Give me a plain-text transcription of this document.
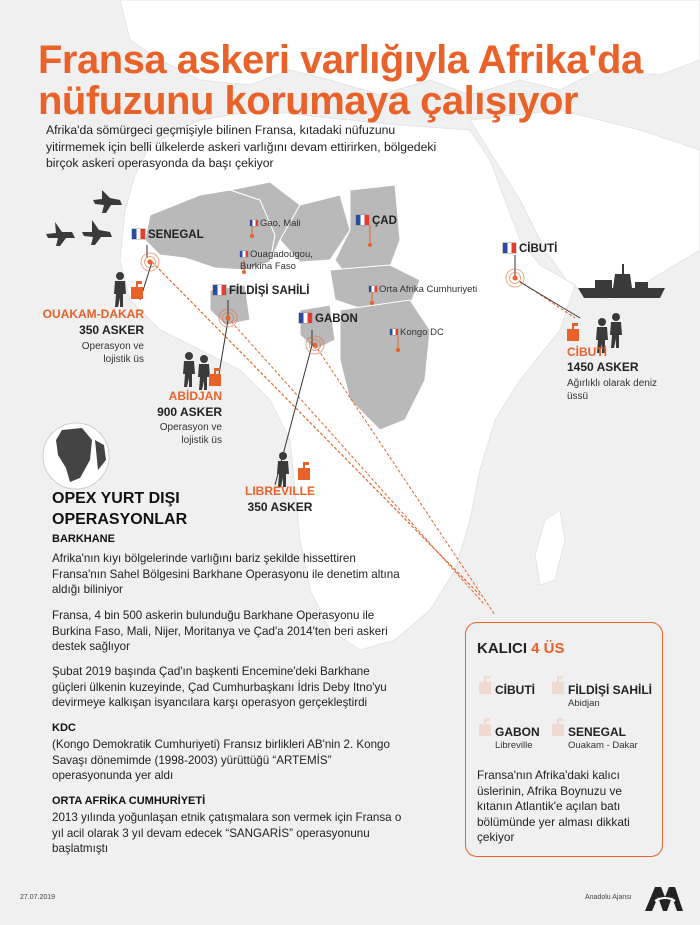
Fransa askeri varlığıyla Afrika'da nüfuzunu korumaya çalışıyor
Afrika'da sömürgeci geçmişiyle bilinen Fransa, kıtadaki nüfuzunu yitirmemek için belli ülkelerde askeri varlığını devam ettirirken, bölgedeki birçok askeri operasyonda da başı çekiyor
SENEGAL
Gao, Mali
Ouagadougou, Burkina Faso
ÇAD
CİBUTİ
FİLDİŞİ SAHİLİ	Orta Afrika Cumhuriyeti
GABON
Kongo DC
OUAKAM-DAKAR
350 ASKER
Operasyon ve lojistik üs
ABİDJAN
900 ASKER
Operasyon ve lojistik üs
LIBREVILLE
350 ASKER
CİBUTİ
1450 ASKER
Ağırlıklı olarak deniz üssü
OPEX YURT DIŞI
OPERASYONLAR
BARKHANE
Afrika'nın kıyı bölgelerinde varlığını bariz şekilde hissettiren Fransa'nın Sahel Bölgesini Barkhane Operasyonu ile denetim altına aldığı biliniyor
Fransa, 4 bin 500 askerin bulunduğu Barkhane Operasyonu ile Burkina Faso, Mali, Nijer, Moritanya ve Çad'a 2014'ten beri askeri destek sağlıyor
Şubat 2019 başında Çad'ın başkenti Encemine'deki Barkhane güçleri ülkenin kuzeyinde, Çad Cumhurbaşkanı İdris Deby Itno'yu devirmeye kalkışan isyancılara karşı operasyon gerçekleştirdi
KDC
(Kongo Demokratik Cumhuriyeti) Fransız birlikleri AB'nin 2. Kongo Savaşı dönemimde (1998-2003) yürüttüğü “ARTEMİS” operasyonunda yer aldı
ORTA AFRİKA CUMHURİYETİ
2013 yılında yoğunlaşan etnik çatışmalara son vermek için Fransa o yıl acil olarak 3 yıl devam edecek “SANGARİS” operasyonunu başlatmıştı
KALICI 4 ÜS
CİBUTİ	FİLDİŞİ SAHİLİ
Abidjan
GABON
Libreville
SENEGAL
Ouakam - Dakar
Fransa'nın Afrika'daki kalıcı üslerinin, Afrika Boynuzu ve kıtanın Atlantik'e açılan batı bölümünde yer alması dikkati çekiyor
27.07.2019	Anadolu Ajansı
